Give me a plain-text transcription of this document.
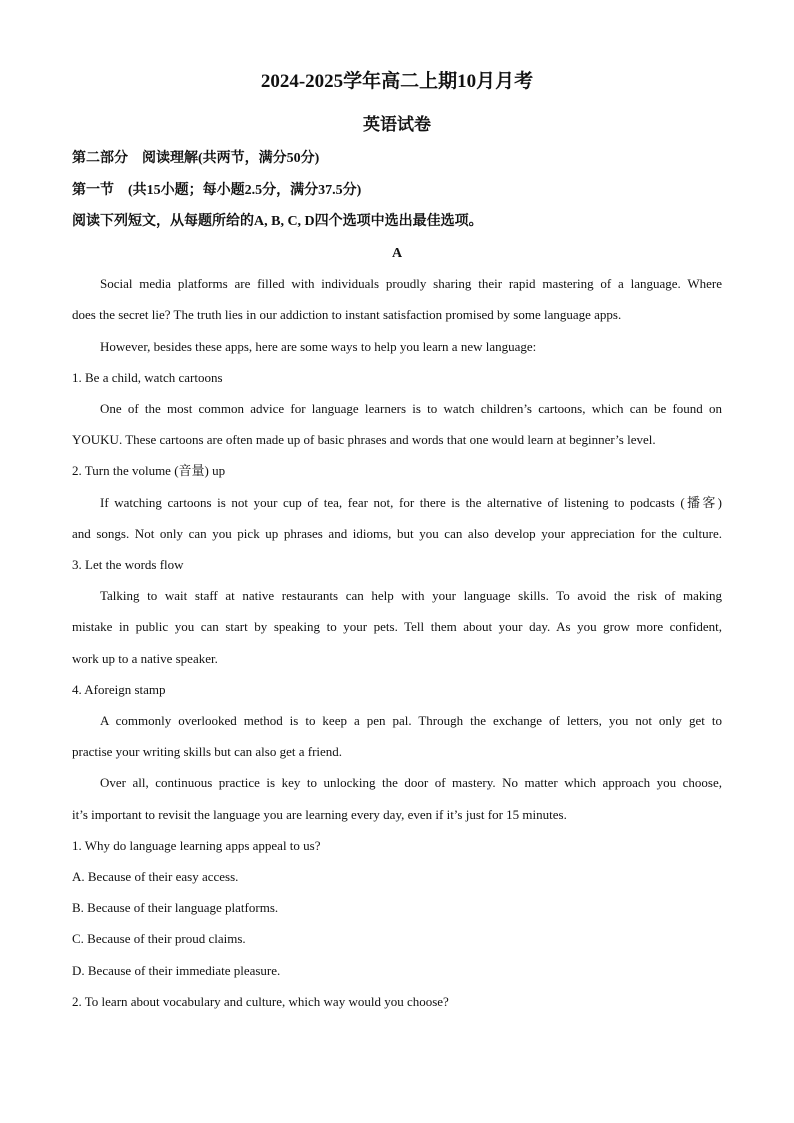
2024-2025学年高二上期10月月考
英语试卷
第二部分　阅读理解(共两节，满分50分)
第一节　(共15小题；每小题2.5分，满分37.5分)
阅读下列短文，从每题所给的A, B, C, D四个选项中选出最佳选项。
A
Social media platforms are filled with individuals proudly sharing their rapid mastering of a language. Where
does the secret lie? The truth lies in our addiction to instant satisfaction promised by some language apps.
However, besides these apps, here are some ways to help you learn a new language:
1. Be a child, watch cartoons
One of the most common advice for language learners is to watch children’s cartoons, which can be found on
YOUKU. These cartoons are often made up of basic phrases and words that one would learn at beginner’s level.
2. Turn the volume (音量) up
If watching cartoons is not your cup of tea, fear not, for there is the alternative of listening to podcasts (播客)
and songs. Not only can you pick up phrases and idioms, but you can also develop your appreciation for the culture.
3. Let the words flow
Talking to wait staff at native restaurants can help with your language skills. To avoid the risk of making
mistake in public you can start by speaking to your pets. Tell them about your day. As you grow more confident,
work up to a native speaker.
4. Aforeign stamp
A commonly overlooked method is to keep a pen pal. Through the exchange of letters, you not only get to
practise your writing skills but can also get a friend.
Over all, continuous practice is key to unlocking the door of mastery. No matter which approach you choose,
it’s important to revisit the language you are learning every day, even if it’s just for 15 minutes.
1. Why do language learning apps appeal to us?
A. Because of their easy access.
B. Because of their language platforms.
C. Because of their proud claims.
D. Because of their immediate pleasure.
2. To learn about vocabulary and culture, which way would you choose?
